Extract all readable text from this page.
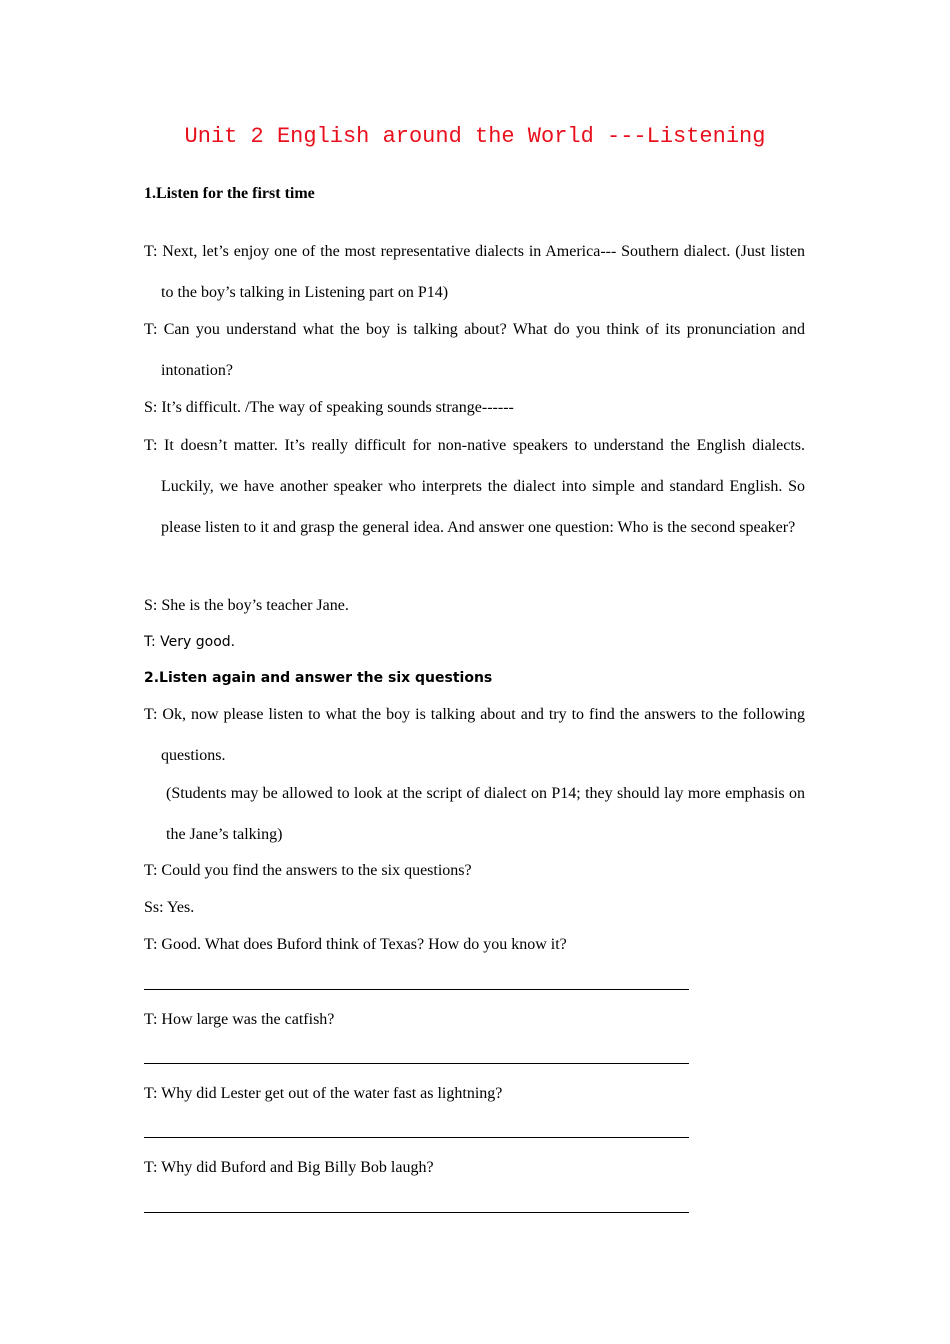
Unit 2 English around the World ---Listening
1.Listen for the first time
T: Next, let’s enjoy one of the most representative dialects in America--- Southern dialect. (Just listen to the boy’s talking in Listening part on P14)
T: Can you understand what the boy is talking about? What do you think of its pronunciation and intonation?
S: It’s difficult. /The way of speaking sounds strange------
T: It doesn’t matter. It’s really difficult for non-native speakers to understand the English dialects. Luckily, we have another speaker who interprets the dialect into simple and standard English. So please listen to it and grasp the general idea. And answer one question: Who is the second speaker?
S: She is the boy’s teacher Jane.
T: Very good.
2.Listen again and answer the six questions
T: Ok, now please listen to what the boy is talking about and try to find the answers to the following questions.
(Students may be allowed to look at the script of dialect on P14; they should lay more emphasis on the Jane’s talking)
T: Could you find the answers to the six questions?
Ss: Yes.
T: Good. What does Buford think of Texas? How do you know it?
T: How large was the catfish?
T: Why did Lester get out of the water fast as lightning?
T: Why did Buford and Big Billy Bob laugh?
